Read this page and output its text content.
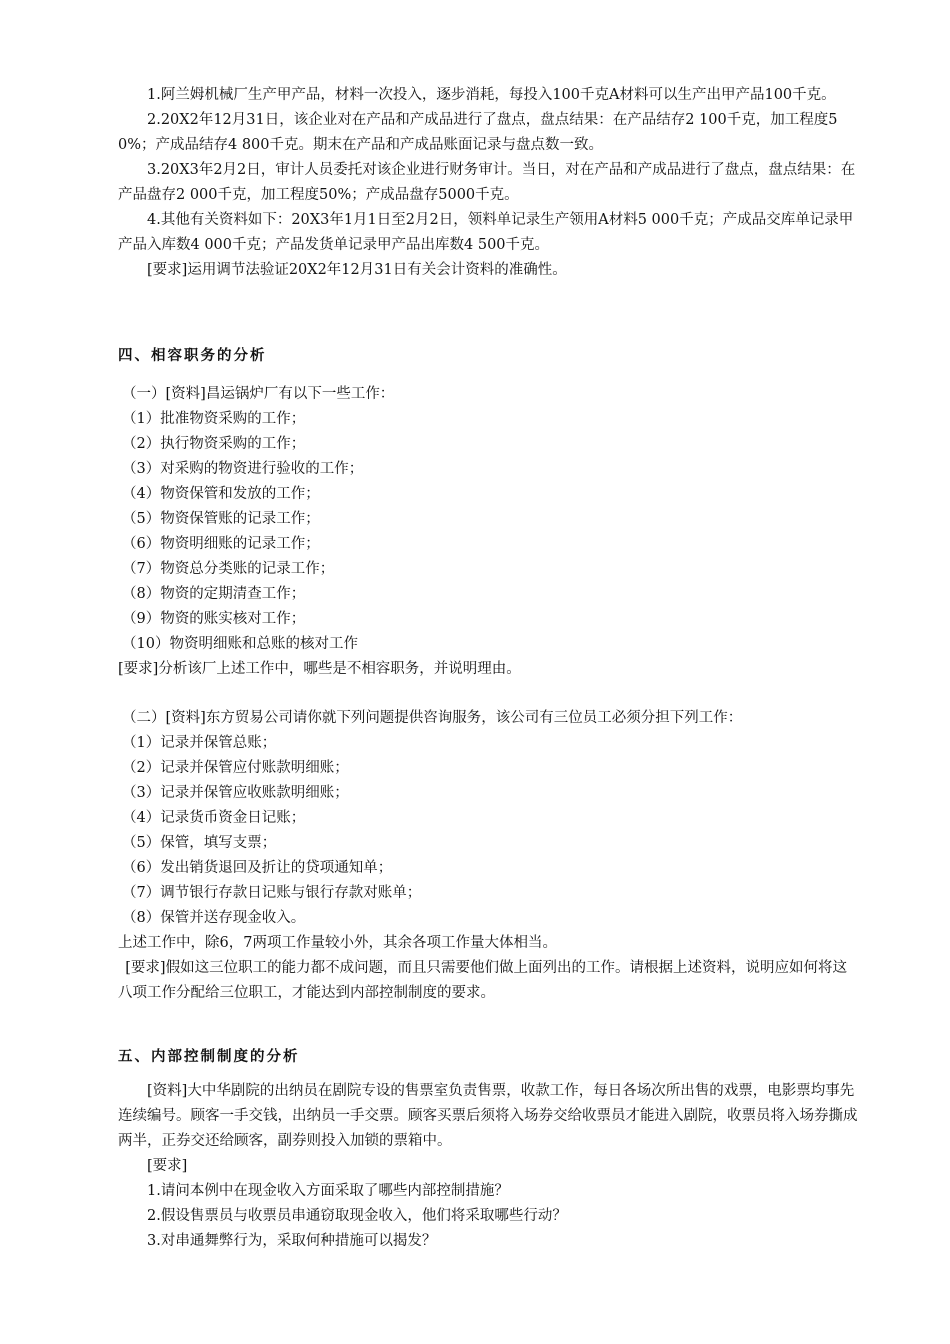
1.阿兰姆机械厂生产甲产品，材料一次投入，逐步消耗，每投入100千克A材料可以生产出甲产品100千克。

2.20X2年12月31日，该企业对在产品和产成品进行了盘点，盘点结果：在产品结存2 100千克，加工程度50%；产成品结存4 800千克。期末在产品和产成品账面记录与盘点数一致。

3.20X3年2月2日，审计人员委托对该企业进行财务审计。当日，对在产品和产成品进行了盘点，盘点结果：在产品盘存2 000千克，加工程度50%；产成品盘存5000千克。

4.其他有关资料如下：20X3年1月1日至2月2日，领料单记录生产领用A材料5 000千克；产成品交库单记录甲产品入库数4 000千克；产品发货单记录甲产品出库数4 500千克。

[要求]运用调节法验证20X2年12月31日有关会计资料的准确性。

四、相容职务的分析

（一）[资料]昌运锅炉厂有以下一些工作：

（1）批准物资采购的工作；

（2）执行物资采购的工作；

（3）对采购的物资进行验收的工作；

（4）物资保管和发放的工作；

（5）物资保管账的记录工作；

（6）物资明细账的记录工作；

（7）物资总分类账的记录工作；

（8）物资的定期清查工作；

（9）物资的账实核对工作；

（10）物资明细账和总账的核对工作

[要求]分析该厂上述工作中，哪些是不相容职务，并说明理由。

（二）[资料]东方贸易公司请你就下列问题提供咨询服务，该公司有三位员工必须分担下列工作：

（1）记录并保管总账；

（2）记录并保管应付账款明细账；

（3）记录并保管应收账款明细账；

（4）记录货币资金日记账；

（5）保管，填写支票；

（6）发出销货退回及折让的贷项通知单；

（7）调节银行存款日记账与银行存款对账单；

（8）保管并送存现金收入。

上述工作中，除6，7两项工作量较小外，其余各项工作量大体相当。

[要求]假如这三位职工的能力都不成问题，而且只需要他们做上面列出的工作。请根据上述资料，说明应如何将这八项工作分配给三位职工，才能达到内部控制制度的要求。

五、内部控制制度的分析

[资料]大中华剧院的出纳员在剧院专设的售票室负责售票，收款工作，每日各场次所出售的戏票，电影票均事先连续编号。顾客一手交钱，出纳员一手交票。顾客买票后须将入场券交给收票员才能进入剧院，收票员将入场券撕成两半，正券交还给顾客，副券则投入加锁的票箱中。

[要求]

1.请问本例中在现金收入方面采取了哪些内部控制措施？

2.假设售票员与收票员串通窃取现金收入，他们将采取哪些行动？

3.对串通舞弊行为，采取何种措施可以揭发？
